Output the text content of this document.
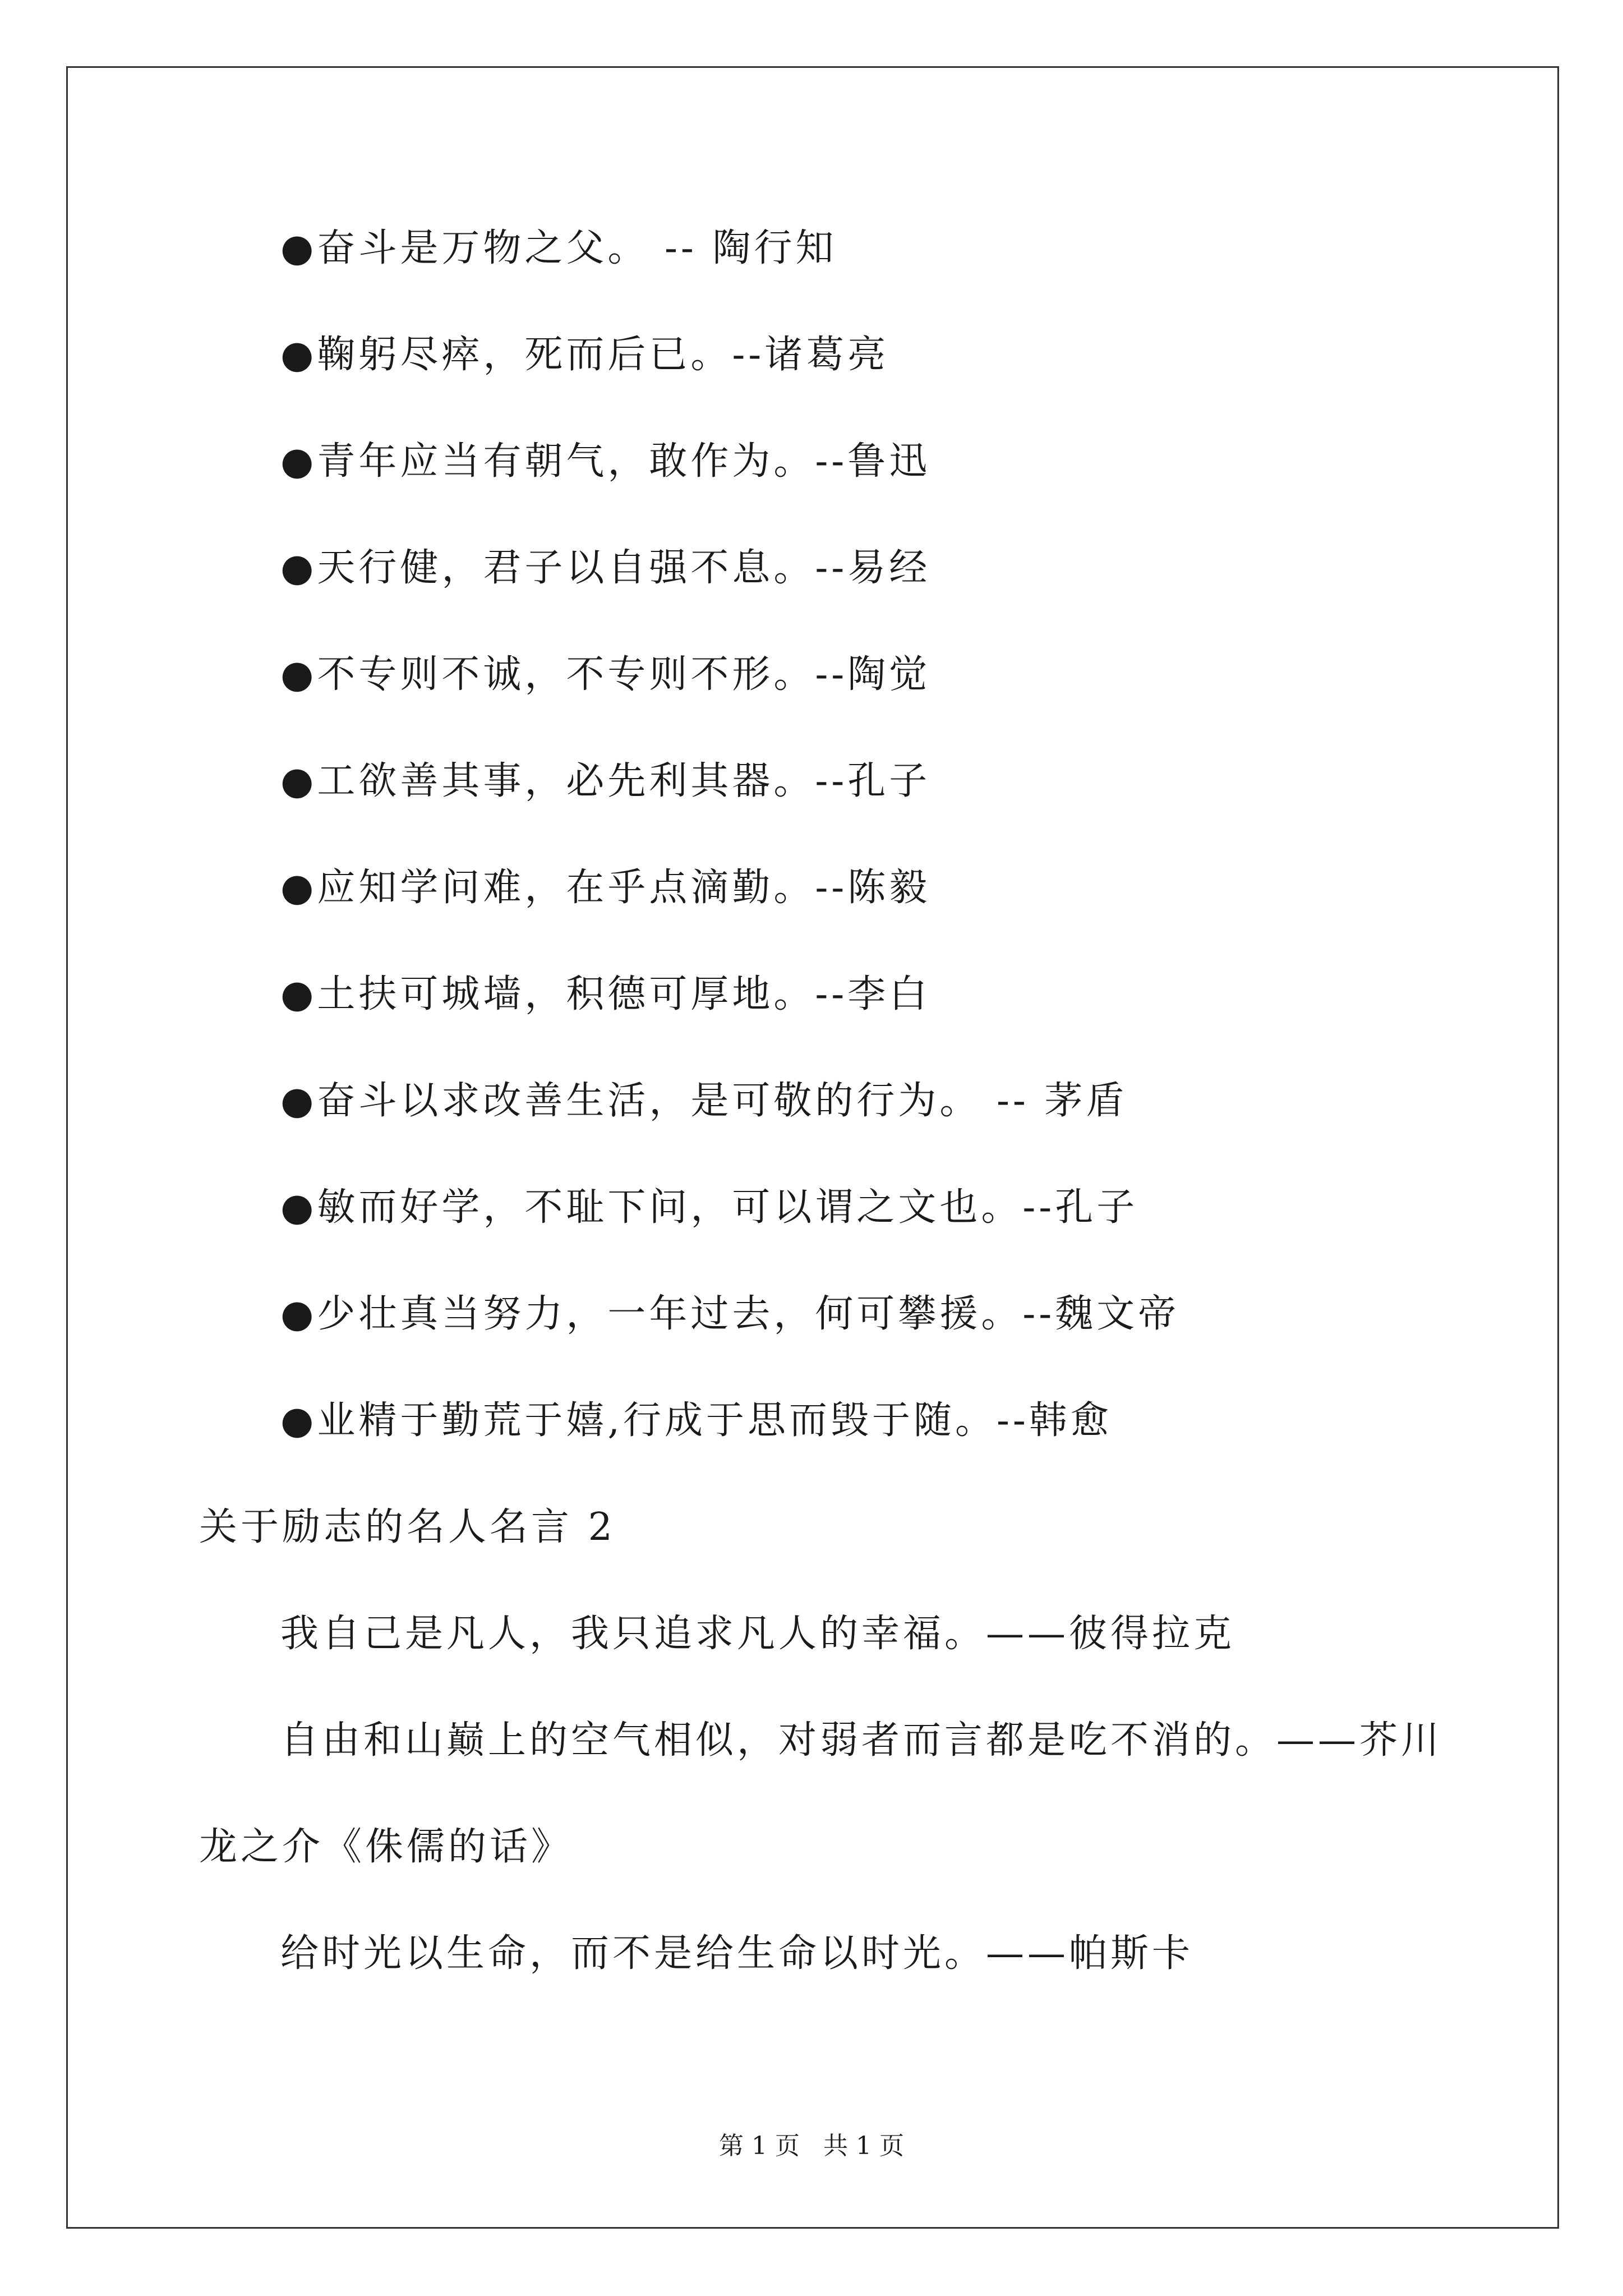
●奋斗是万物之父。 -- 陶行知
●鞠躬尽瘁，死而后已。--诸葛亮
●青年应当有朝气，敢作为。--鲁迅
●天行健，君子以自强不息。--易经
●不专则不诚，不专则不形。--陶觉
●工欲善其事，必先利其器。--孔子
●应知学问难，在乎点滴勤。--陈毅
●土扶可城墙，积德可厚地。--李白
●奋斗以求改善生活，是可敬的行为。 -- 茅盾
●敏而好学，不耻下问，可以谓之文也。--孔子
●少壮真当努力，一年过去，何可攀援。--魏文帝
●业精于勤荒于嬉,行成于思而毁于随。--韩愈
关于励志的名人名言 2
我自己是凡人，我只追求凡人的幸福。——彼得拉克
自由和山巅上的空气相似，对弱者而言都是吃不消的。——芥川
龙之介《侏儒的话》
给时光以生命，而不是给生命以时光。——帕斯卡
第 1 页   共 1 页
